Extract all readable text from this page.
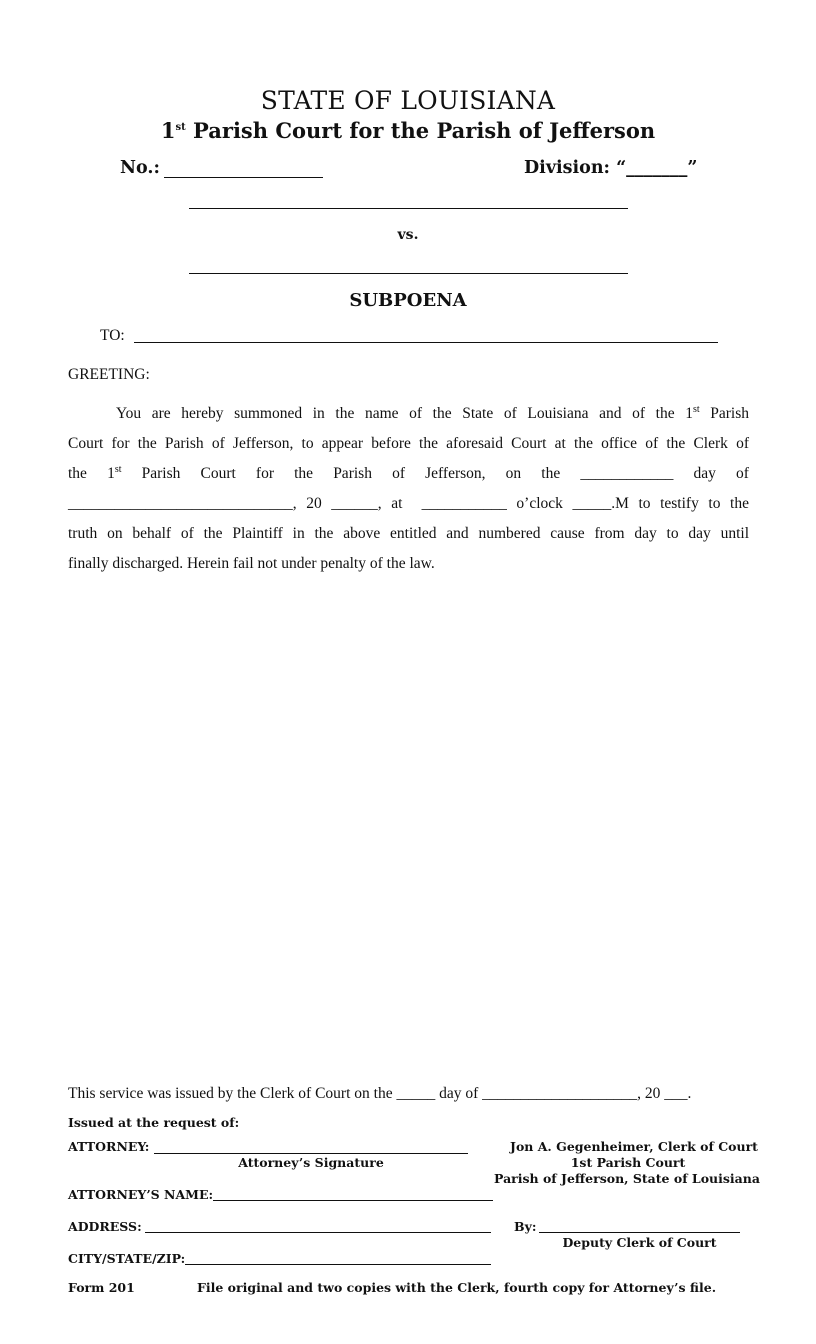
STATE OF LOUISIANA
1st Parish Court for the Parish of Jefferson
No.:	Division: “_______”
vs.
SUBPOENA
TO:
GREETING:
You are hereby summoned in the name of the State of Louisiana and of the 1st Parish
Court for the Parish of Jefferson, to appear before the aforesaid Court at the office of the Clerk of
the 1st Parish Court for the Parish of Jefferson, on the ____________ day of
_____________________________, 20 ______, at  ___________ o’clock _____.M to testify to the
truth on behalf of the Plaintiff in the above entitled and numbered cause from day to day until
finally discharged. Herein fail not under penalty of the law.
This service was issued by the Clerk of Court on the _____ day of ____________________, 20 ___.
Issued at the request of:
ATTORNEY:
Attorney’s Signature
ATTORNEY’S NAME:
ADDRESS:
CITY/STATE/ZIP:
Jon A. Gegenheimer, Clerk of Court
1st Parish Court
Parish of Jefferson, State of Louisiana
By:
Deputy Clerk of Court
Form 201	File original and two copies with the Clerk, fourth copy for Attorney’s file.
